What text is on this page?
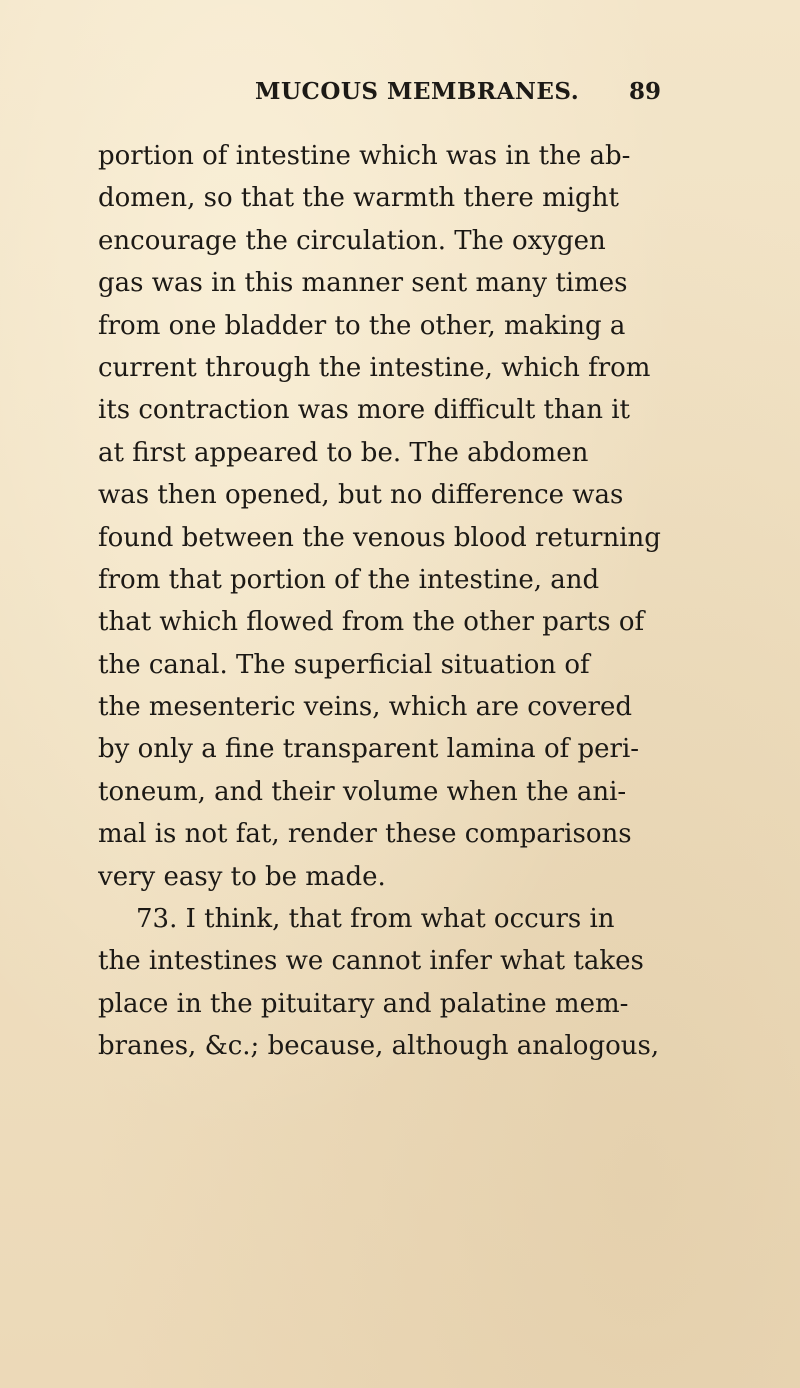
MUCOUS MEMBRANES. 89
portion of intestine which was in the ab-
domen, so that the warmth there might
encourage the circulation. The oxygen
gas was in this manner sent many times
from one bladder to the other, making a
current through the intestine, which from
its contraction was more difficult than it
at first appeared to be. The abdomen
was then opened, but no difference was
found between the venous blood returning
from that portion of the intestine, and
that which flowed from the other parts of
the canal. The superficial situation of
the mesenteric veins, which are covered
by only a fine transparent lamina of peri-
toneum, and their volume when the ani-
mal is not fat, render these comparisons
very easy to be made.
73. I think, that from what occurs in
the intestines we cannot infer what takes
place in the pituitary and palatine mem-
branes, &c.; because, although analogous,
